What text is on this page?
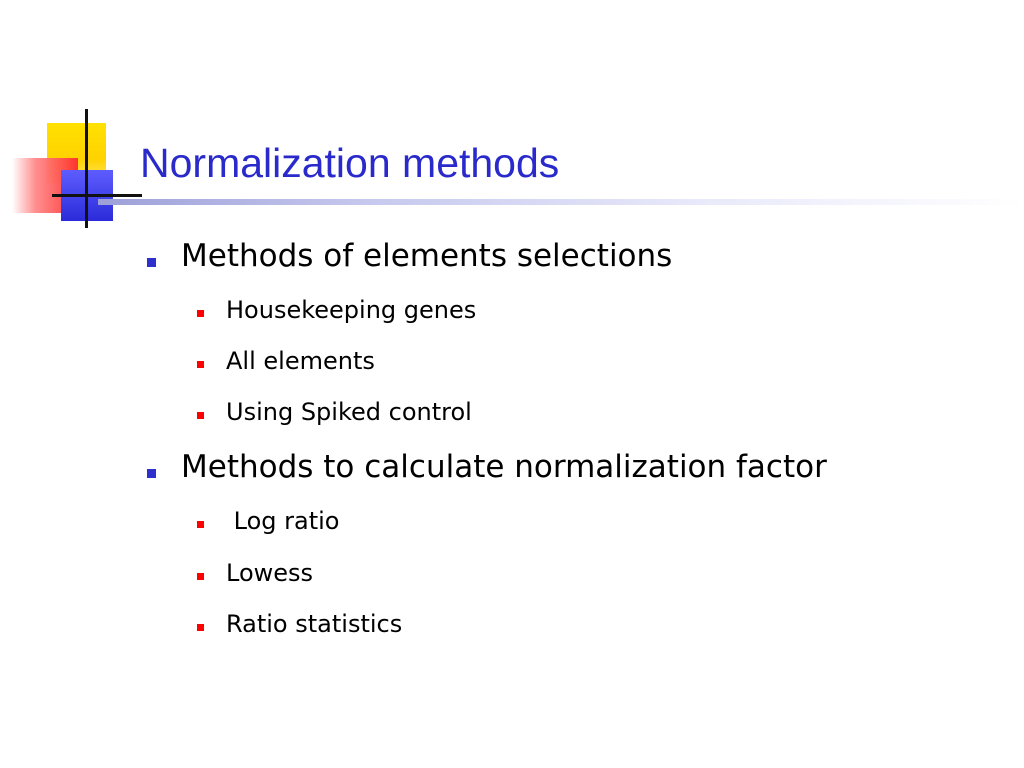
Normalization methods
Methods of elements selections
Housekeeping genes
All elements
Using Spiked control
Methods to calculate normalization factor
Log ratio
Lowess
Ratio statistics
